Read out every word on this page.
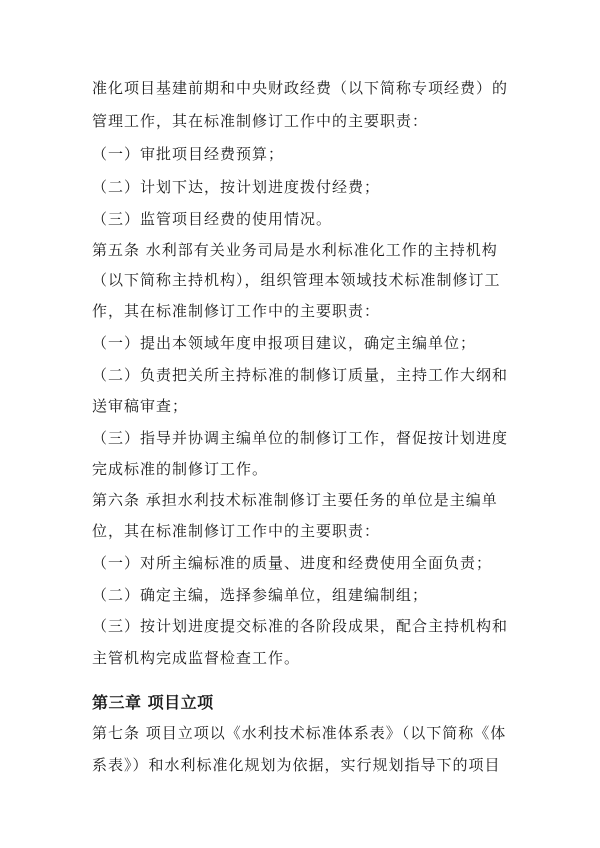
准化项目基建前期和中央财政经费（以下简称专项经费）的
管理工作，其在标准制修订工作中的主要职责：
（一）审批项目经费预算；
（二）计划下达，按计划进度拨付经费；
（三）监管项目经费的使用情况。
第五条 水利部有关业务司局是水利标准化工作的主持机构
（以下简称主持机构），组织管理本领域技术标准制修订工
作，其在标准制修订工作中的主要职责：
（一）提出本领域年度申报项目建议，确定主编单位；
（二）负责把关所主持标准的制修订质量，主持工作大纲和
送审稿审查；
（三）指导并协调主编单位的制修订工作，督促按计划进度
完成标准的制修订工作。
第六条 承担水利技术标准制修订主要任务的单位是主编单
位，其在标准制修订工作中的主要职责：
（一）对所主编标准的质量、进度和经费使用全面负责；
（二）确定主编，选择参编单位，组建编制组；
（三）按计划进度提交标准的各阶段成果，配合主持机构和
主管机构完成监督检查工作。
第三章 项目立项
第七条 项目立项以《水利技术标准体系表》（以下简称《体
系表》）和水利标准化规划为依据，实行规划指导下的项目
